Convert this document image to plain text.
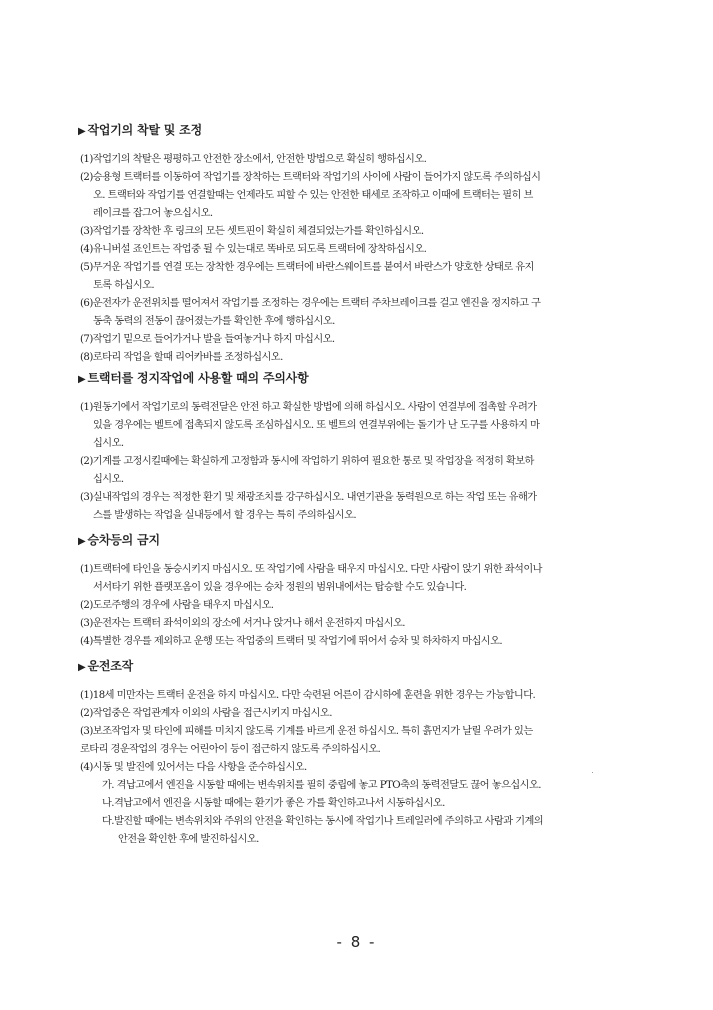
▶ 작업기의 착탈 및 조정
(1)작업기의 착탈은 평평하고 안전한 장소에서, 안전한 방법으로 확실히 행하십시오.
(2)승용형 트랙터를 이동하여 작업기를 장착하는 트랙터와 작업기의 사이에 사람이 들어가지 않도록 주의하십시
오. 트랙터와 작업기를 연결할때는 언제라도 피할 수 있는 안전한 태세로 조작하고 이때에 트랙터는 필히 브
레이크를 잡그어 놓으십시오.
(3)작업기를 장착한 후 링크의 모든 셋트핀이 확실히 체결되었는가를 확인하십시오.
(4)유니버설 죠인트는 작업중 뒬 수 있는대로 똑바로 되도록 트랙터에 장착하십시오.
(5)무거운 작업기를 연결 또는 장착한 경우에는 트랙터에 바란스웨이트를 붙여서 바란스가 양호한 상태로 유지
토록 하십시오.
(6)운전자가 운전위치를 떨어져서 작업기를 조정하는 경우에는 트랙터 주차브레이크를 걸고 엔진을 정지하고 구
동축 동력의 전동이 끊어졌는가를 확인한 후에 행하십시오.
(7)작업기 밑으로 들어가거나 발을 들여놓거나 하지 마십시오.
(8)로타리 작업을 할때 리어카바를 조정하십시오.
▶ 트랙터를 정지작업에 사용할 때의 주의사항
(1)원동기에서 작업기로의 동력전달은 안전 하고 확실한 방법에 의해 하십시오. 사람이 연결부에 접촉할 우려가
있을 경우에는 벨트에 접촉되지 않도록 조심하십시오. 또 벨트의 연결부위에는 돌기가 난 도구를 사용하지 마
십시오.
(2)기계를 고정시킬때에는 확실하게 고정함과 동시에 작업하기 위하여 필요한 통로 및 작업장을 적정히 확보하
십시오.
(3)실내작업의 경우는 적정한 환기 및 채광조치를 강구하십시오. 내연기관을 동력원으로 하는 작업 또는 유해가
스를 발생하는 작업을 실내등에서 할 경우는 특히 주의하십시오.
▶ 승차등의 금지
(1)트랙터에 타인을 동승시키지 마십시오. 또 작업기에 사람을 태우지 마십시오. 다만 사람이 앉기 위한 좌석이나
서서타기 위한 플랫포옴이 있을 경우에는 승차 정원의 범위내에서는 탑승할 수도 있습니다.
(2)도로주행의 경우에 사람을 태우지 마십시오.
(3)운전자는 트랙터 좌석이외의 장소에 서거나 앉거나 해서 운전하지 마십시오.
(4)특별한 경우를 제외하고 운행 또는 작업중의 트랙터 및 작업기에 뛰어서 승차 및 하차하지 마십시오.
▶ 운전조작
(1)18세 미만자는 트랙터 운전을 하지 마십시오. 다만 숙련된 어른이 감시하에 훈련을 위한 경우는 가능합니다.
(2)작업중은 작업관계자 이외의 사람을 접근시키지 마십시오.
(3)보조작업자 및 타인에 피해를 미치지 않도록 기계를 바르게 운전 하십시오. 특히 흙먼지가 날릴 우려가 있는
로타리 경운작업의 경우는 어린아이 등이 접근하지 않도록 주의하십시오.
(4)시동 및 발진에 있어서는 다음 사항을 준수하십시오.
가. 격납고에서 엔진을 시동할 때에는 변속위치를 필히 중립에 놓고 PTO축의 동력전달도 끊어 놓으십시오.
나.격납고에서 엔진을 시동할 때에는 환기가 좋은 가를 확인하고나서 시동하십시오.
다.발진할 때에는 변속위치와 주위의 안전을 확인하는 동시에 작업기나 트레일러에 주의하고 사람과 기계의
안전을 확인한 후에 발진하십시오.
- 8 -
